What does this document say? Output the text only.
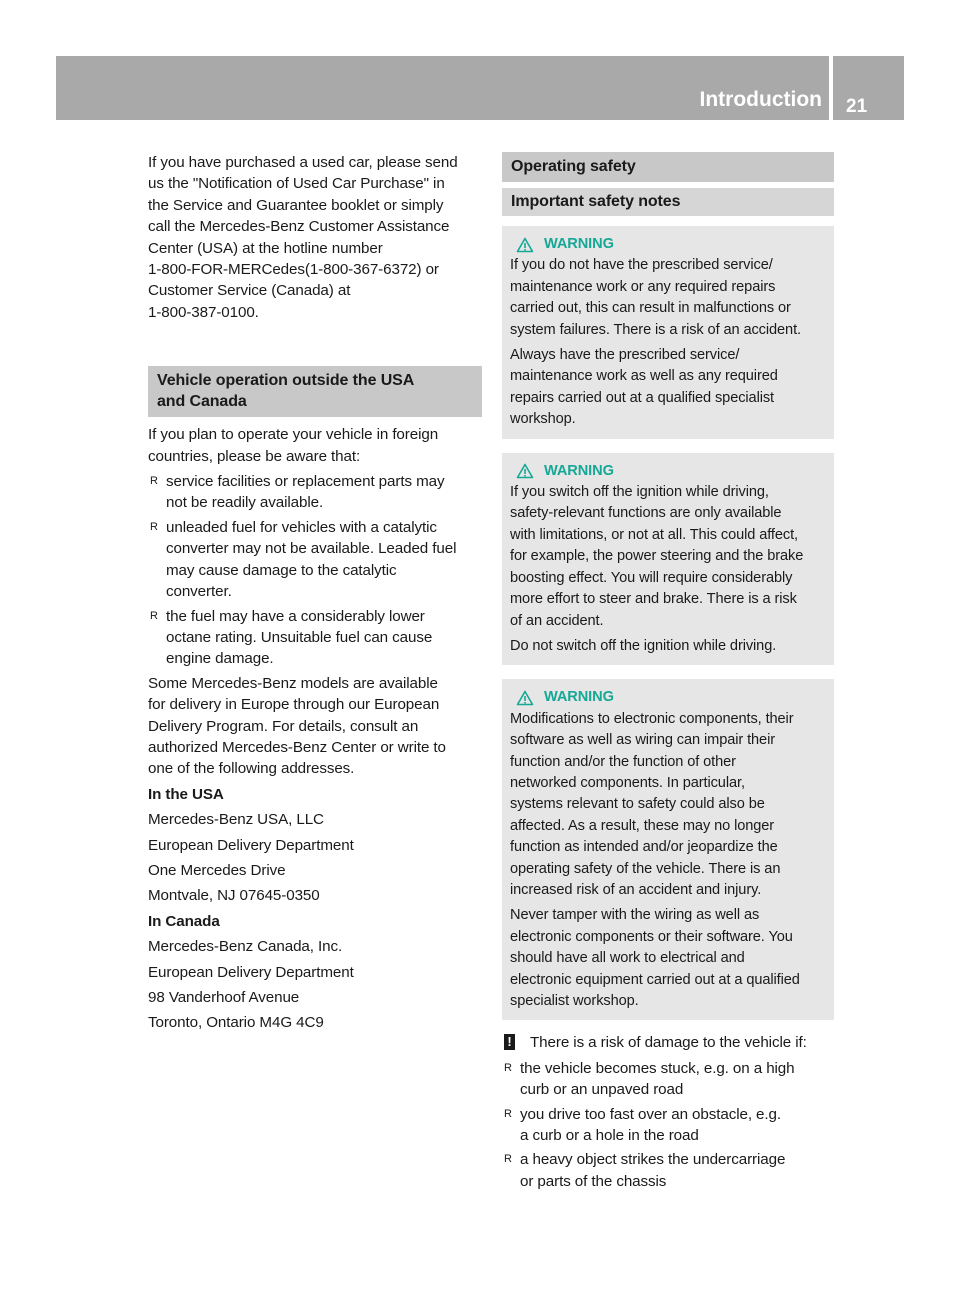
Introduction 21

If you have purchased a used car, please send
us the "Notification of Used Car Purchase" in
the Service and Guarantee booklet or simply
call the Mercedes-Benz Customer Assistance
Center (USA) at the hotline number
1-800-FOR-MERCedes(1-800-367-6372) or
Customer Service (Canada) at
1-800-387-0100.

Vehicle operation outside the USA
and Canada

If you plan to operate your vehicle in foreign
countries, please be aware that:

R service facilities or replacement parts may
not be readily available.
R unleaded fuel for vehicles with a catalytic
converter may not be available. Leaded fuel
may cause damage to the catalytic
converter.
R the fuel may have a considerably lower
octane rating. Unsuitable fuel can cause
engine damage.

Some Mercedes-Benz models are available
for delivery in Europe through our European
Delivery Program. For details, consult an
authorized Mercedes-Benz Center or write to
one of the following addresses.

In the USA

Mercedes-Benz USA, LLC

European Delivery Department

One Mercedes Drive

Montvale, NJ 07645-0350

In Canada

Mercedes-Benz Canada, Inc.

European Delivery Department

98 Vanderhoof Avenue

Toronto, Ontario M4G 4C9

Operating safety
Important safety notes
WARNING

If you do not have the prescribed service/
maintenance work or any required repairs
carried out, this can result in malfunctions or
system failures. There is a risk of an accident.

Always have the prescribed service/
maintenance work as well as any required
repairs carried out at a qualified specialist
workshop.

WARNING

If you switch off the ignition while driving,
safety-relevant functions are only available
with limitations, or not at all. This could affect,
for example, the power steering and the brake
boosting effect. You will require considerably
more effort to steer and brake. There is a risk
of an accident.

Do not switch off the ignition while driving.

WARNING

Modifications to electronic components, their
software as well as wiring can impair their
function and/or the function of other
networked components. In particular,
systems relevant to safety could also be
affected. As a result, these may no longer
function as intended and/or jeopardize the
operating safety of the vehicle. There is an
increased risk of an accident and injury.

Never tamper with the wiring as well as
electronic components or their software. You
should have all work to electrical and
electronic equipment carried out at a qualified
specialist workshop.

! There is a risk of damage to the vehicle if:

R the vehicle becomes stuck, e.g. on a high
curb or an unpaved road
R you drive too fast over an obstacle, e.g.
a curb or a hole in the road
R a heavy object strikes the undercarriage
or parts of the chassis
